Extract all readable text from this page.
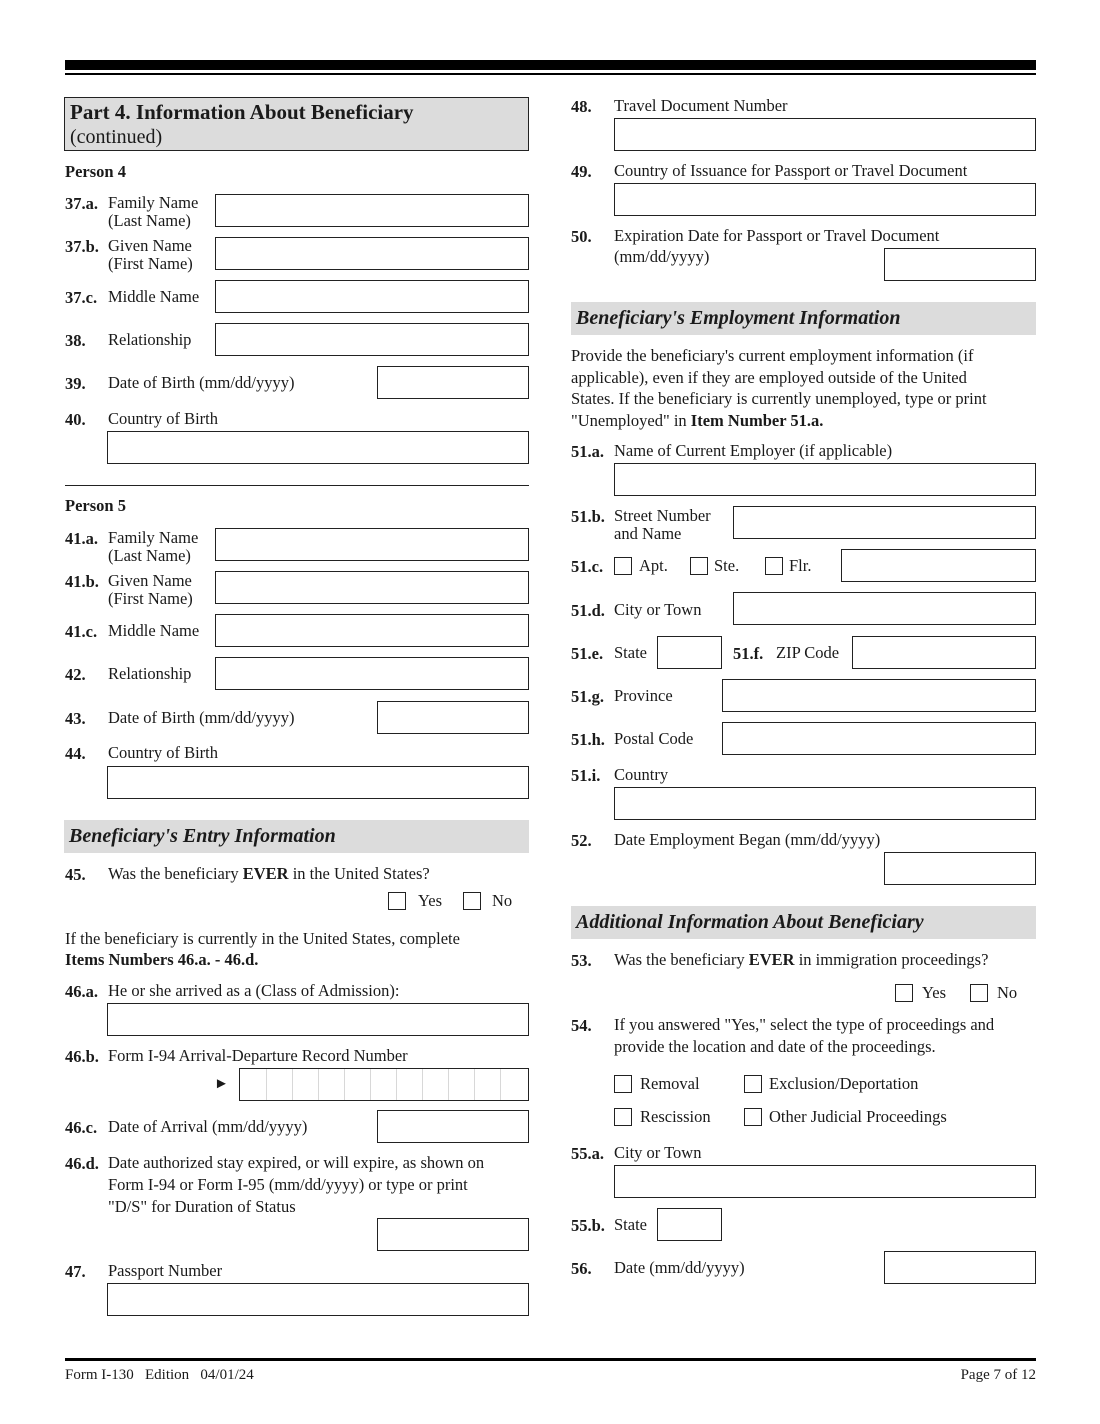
Part 4. Information About Beneficiary
(continued)
Person 4
37.a. Family Name
(Last Name)
37.b. Given Name
(First Name)
37.c. Middle Name
38. Relationship
39. Date of Birth (mm/dd/yyyy)
40. Country of Birth
Person 5
41.a. Family Name
(Last Name)
41.b. Given Name
(First Name)
41.c. Middle Name
42. Relationship
43. Date of Birth (mm/dd/yyyy)
44. Country of Birth
Beneficiary's Entry Information
45. Was the beneficiary EVER in the United States?
Yes	No
If the beneficiary is currently in the United States, complete
Items Numbers 46.a. - 46.d.
46.a. He or she arrived as a (Class of Admission):
46.b. Form I-94 Arrival-Departure Record Number
►
46.c. Date of Arrival (mm/dd/yyyy)
46.d. Date authorized stay expired, or will expire, as shown on
Form I-94 or Form I-95 (mm/dd/yyyy) or type or print
"D/S" for Duration of Status
47. Passport Number
48. Travel Document Number
49. Country of Issuance for Passport or Travel Document
50. Expiration Date for Passport or Travel Document
(mm/dd/yyyy)
Beneficiary's Employment Information
Provide the beneficiary's current employment information (if
applicable), even if they are employed outside of the United
States. If the beneficiary is currently unemployed, type or print
"Unemployed" in Item Number 51.a.
51.a. Name of Current Employer (if applicable)
51.b. Street Number
and Name
51.c. Apt.	Ste.	Flr.
51.d. City or Town
51.e. State	51.f. ZIP Code
51.g. Province
51.h. Postal Code
51.i. Country
52. Date Employment Began (mm/dd/yyyy)
Additional Information About Beneficiary
53. Was the beneficiary EVER in immigration proceedings?
Yes	No
54. If you answered "Yes," select the type of proceedings and
provide the location and date of the proceedings.
Removal	Exclusion/Deportation
Rescission	Other Judicial Proceedings
55.a. City or Town
55.b. State
56. Date (mm/dd/yyyy)
Form I-130   Edition   04/01/24	Page 7 of 12
